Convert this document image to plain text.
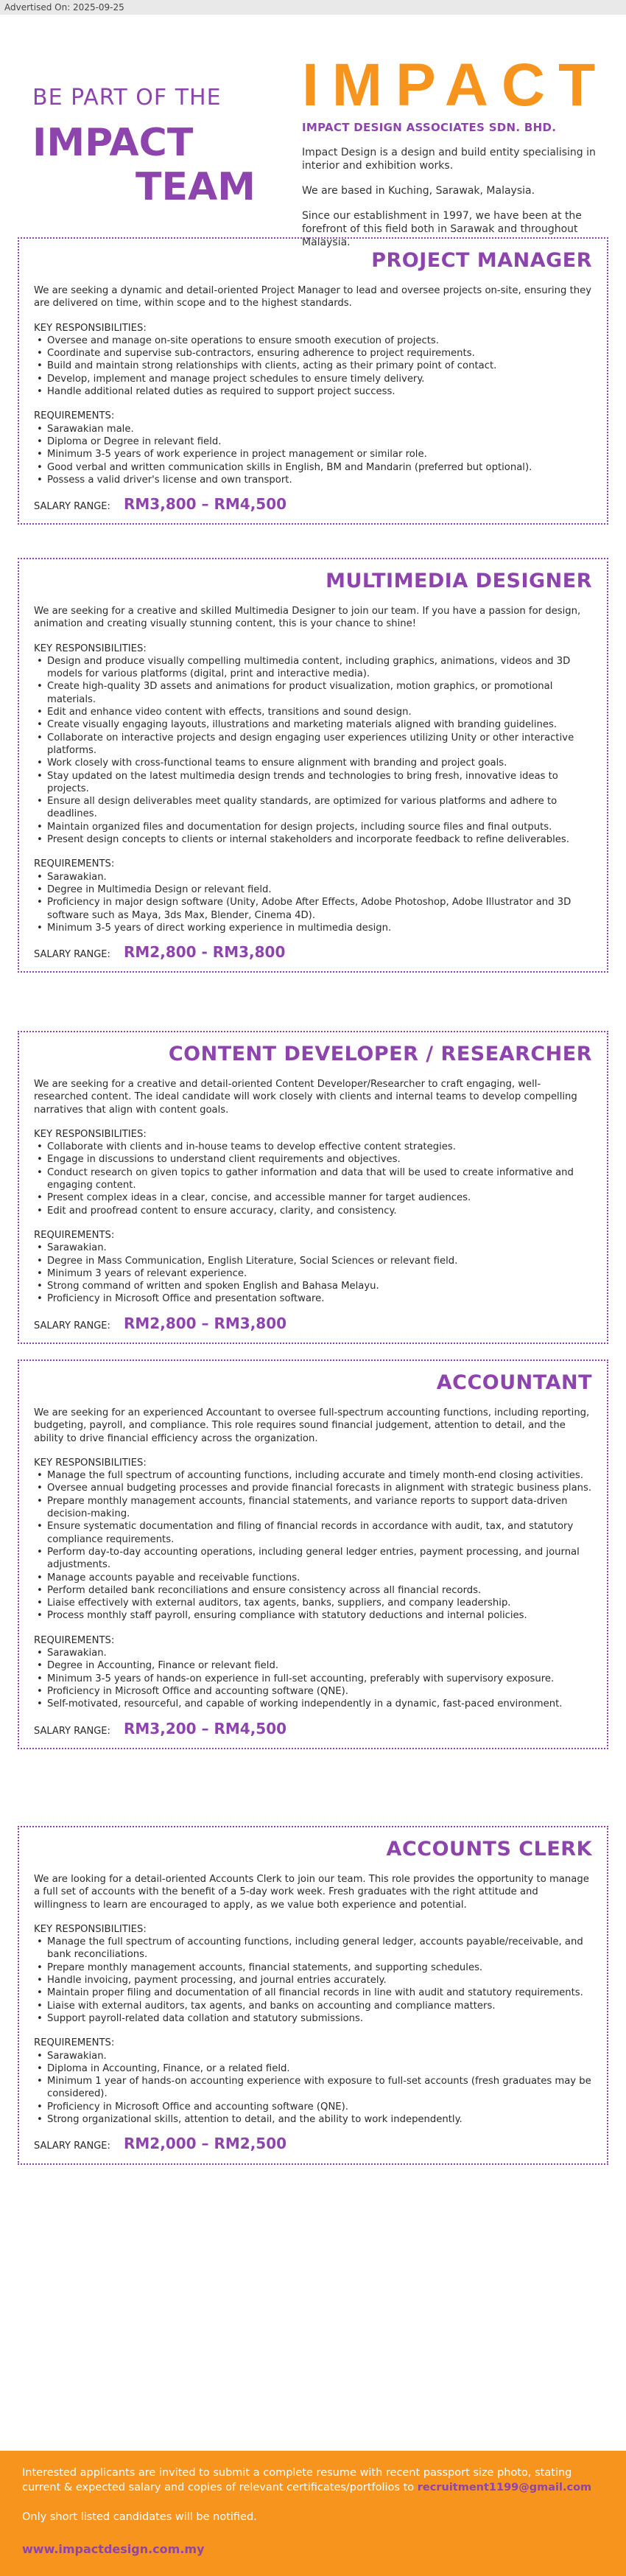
Advertised On: 2025-09-25
BE PART OF THE
IMPACT
TEAM
IMPACT
IMPACT DESIGN ASSOCIATES SDN. BHD.

Impact Design is a design and build entity specialising in interior and exhibition works.

We are based in Kuching, Sarawak, Malaysia.

Since our establishment in 1997, we have been at the forefront of this field both in Sarawak and throughout Malaysia.

PROJECT MANAGER

We are seeking a dynamic and detail-oriented Project Manager to lead and oversee projects on-site, ensuring they are delivered on time, within scope and to the highest standards.

KEY RESPONSIBILITIES:
• Oversee and manage on-site operations to ensure smooth execution of projects.
• Coordinate and supervise sub-contractors, ensuring adherence to project requirements.
• Build and maintain strong relationships with clients, acting as their primary point of contact.
• Develop, implement and manage project schedules to ensure timely delivery.
• Handle additional related duties as required to support project success.
REQUIREMENTS:
• Sarawakian male.
• Diploma or Degree in relevant field.
• Minimum 3-5 years of work experience in project management or similar role.
• Good verbal and written communication skills in English, BM and Mandarin (preferred but optional).
• Possess a valid driver's license and own transport.
SALARY RANGE: RM3,800 – RM4,500
MULTIMEDIA DESIGNER

We are seeking for a creative and skilled Multimedia Designer to join our team. If you have a passion for design, animation and creating visually stunning content, this is your chance to shine!

KEY RESPONSIBILITIES:
• Design and produce visually compelling multimedia content, including graphics, animations, videos and 3D models for various platforms (digital, print and interactive media).
• Create high-quality 3D assets and animations for product visualization, motion graphics, or promotional materials.
• Edit and enhance video content with effects, transitions and sound design.
• Create visually engaging layouts, illustrations and marketing materials aligned with branding guidelines.
• Collaborate on interactive projects and design engaging user experiences utilizing Unity or other interactive platforms.
• Work closely with cross-functional teams to ensure alignment with branding and project goals.
• Stay updated on the latest multimedia design trends and technologies to bring fresh, innovative ideas to projects.
• Ensure all design deliverables meet quality standards, are optimized for various platforms and adhere to deadlines.
• Maintain organized files and documentation for design projects, including source files and final outputs.
• Present design concepts to clients or internal stakeholders and incorporate feedback to refine deliverables.
REQUIREMENTS:
• Sarawakian.
• Degree in Multimedia Design or relevant field.
• Proficiency in major design software (Unity, Adobe After Effects, Adobe Photoshop, Adobe Illustrator and 3D software such as Maya, 3ds Max, Blender, Cinema 4D).
• Minimum 3-5 years of direct working experience in multimedia design.
SALARY RANGE: RM2,800 - RM3,800
CONTENT DEVELOPER / RESEARCHER

We are seeking for a creative and detail-oriented Content Developer/Researcher to craft engaging, well-researched content. The ideal candidate will work closely with clients and internal teams to develop compelling narratives that align with content goals.

KEY RESPONSIBILITIES:
• Collaborate with clients and in-house teams to develop effective content strategies.
• Engage in discussions to understand client requirements and objectives.
• Conduct research on given topics to gather information and data that will be used to create informative and engaging content.
• Present complex ideas in a clear, concise, and accessible manner for target audiences.
• Edit and proofread content to ensure accuracy, clarity, and consistency.
REQUIREMENTS:
• Sarawakian.
• Degree in Mass Communication, English Literature, Social Sciences or relevant field.
• Minimum 3 years of relevant experience.
• Strong command of written and spoken English and Bahasa Melayu.
• Proficiency in Microsoft Office and presentation software.
SALARY RANGE: RM2,800 – RM3,800
ACCOUNTANT

We are seeking for an experienced Accountant to oversee full-spectrum accounting functions, including reporting, budgeting, payroll, and compliance. This role requires sound financial judgement, attention to detail, and the ability to drive financial efficiency across the organization.

KEY RESPONSIBILITIES:
• Manage the full spectrum of accounting functions, including accurate and timely month-end closing activities.
• Oversee annual budgeting processes and provide financial forecasts in alignment with strategic business plans.
• Prepare monthly management accounts, financial statements, and variance reports to support data-driven decision-making.
• Ensure systematic documentation and filing of financial records in accordance with audit, tax, and statutory compliance requirements.
• Perform day-to-day accounting operations, including general ledger entries, payment processing, and journal adjustments.
• Manage accounts payable and receivable functions.
• Perform detailed bank reconciliations and ensure consistency across all financial records.
• Liaise effectively with external auditors, tax agents, banks, suppliers, and company leadership.
• Process monthly staff payroll, ensuring compliance with statutory deductions and internal policies.
REQUIREMENTS:
• Sarawakian.
• Degree in Accounting, Finance or relevant field.
• Minimum 3-5 years of hands-on experience in full-set accounting, preferably with supervisory exposure.
• Proficiency in Microsoft Office and accounting software (QNE).
• Self-motivated, resourceful, and capable of working independently in a dynamic, fast-paced environment.
SALARY RANGE: RM3,200 – RM4,500
ACCOUNTS CLERK

We are looking for a detail-oriented Accounts Clerk to join our team. This role provides the opportunity to manage a full set of accounts with the benefit of a 5-day work week. Fresh graduates with the right attitude and willingness to learn are encouraged to apply, as we value both experience and potential.

KEY RESPONSIBILITIES:
• Manage the full spectrum of accounting functions, including general ledger, accounts payable/receivable, and bank reconciliations.
• Prepare monthly management accounts, financial statements, and supporting schedules.
• Handle invoicing, payment processing, and journal entries accurately.
• Maintain proper filing and documentation of all financial records in line with audit and statutory requirements.
• Liaise with external auditors, tax agents, and banks on accounting and compliance matters.
• Support payroll-related data collation and statutory submissions.
REQUIREMENTS:
• Sarawakian.
• Diploma in Accounting, Finance, or a related field.
• Minimum 1 year of hands-on accounting experience with exposure to full-set accounts (fresh graduates may be considered).
• Proficiency in Microsoft Office and accounting software (QNE).
• Strong organizational skills, attention to detail, and the ability to work independently.
SALARY RANGE: RM2,000 – RM2,500
Interested applicants are invited to submit a complete resume with recent passport size photo, stating current & expected salary and copies of relevant certificates/portfolios to recruitment1199@gmail.com
Only short listed candidates will be notified.
www.impactdesign.com.my
